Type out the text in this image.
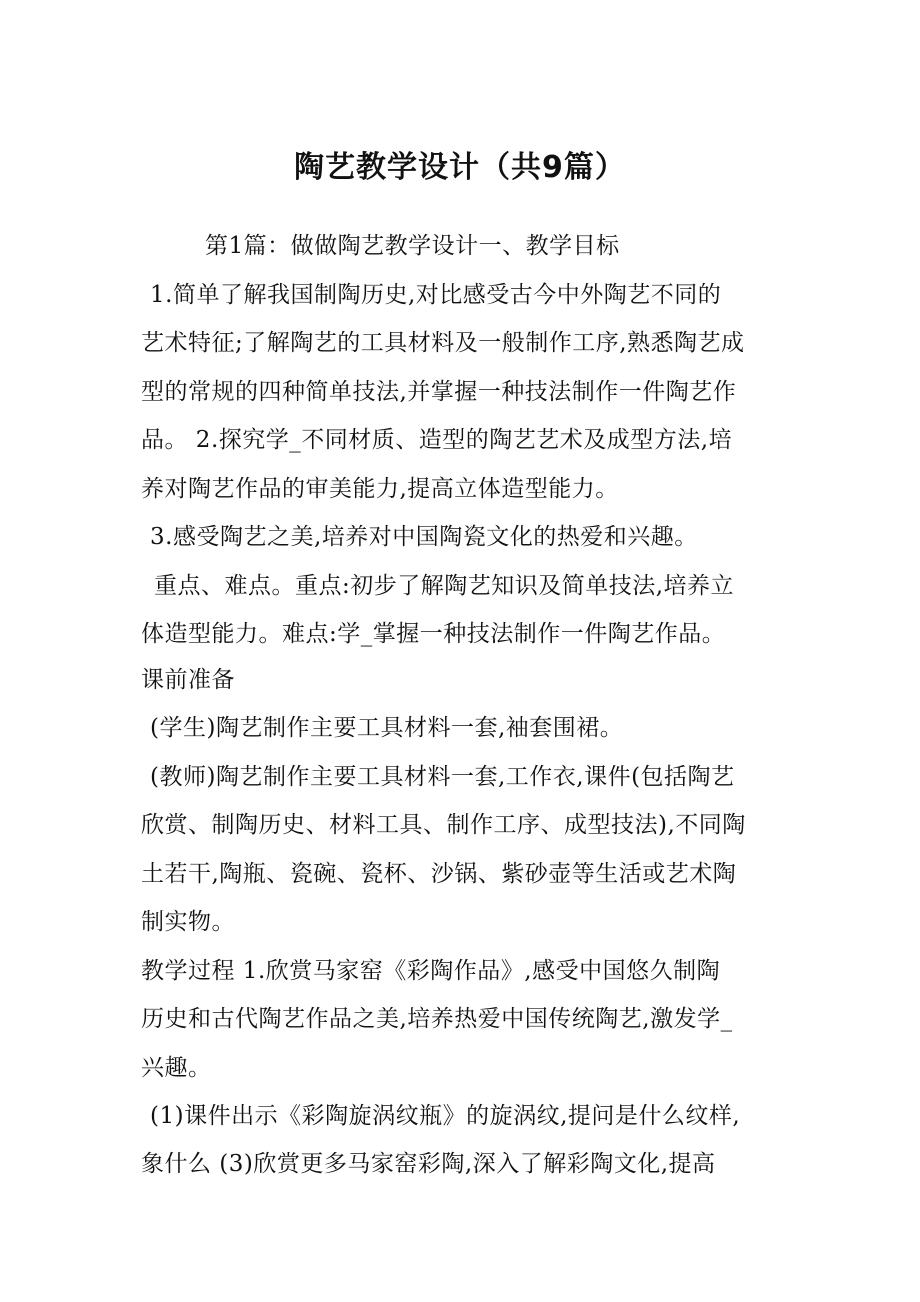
陶艺教学设计（共9篇）
第1篇：做做陶艺教学设计一、教学目标
1.简单了解我国制陶历史,对比感受古今中外陶艺不同的
艺术特征;了解陶艺的工具材料及一般制作工序,熟悉陶艺成
型的常规的四种简单技法,并掌握一种技法制作一件陶艺作
品。 2.探究学_不同材质、造型的陶艺艺术及成型方法,培
养对陶艺作品的审美能力,提高立体造型能力。
3.感受陶艺之美,培养对中国陶瓷文化的热爱和兴趣。
重点、难点。重点:初步了解陶艺知识及简单技法,培养立
体造型能力。难点:学_掌握一种技法制作一件陶艺作品。
课前准备
(学生)陶艺制作主要工具材料一套,袖套围裙。
(教师)陶艺制作主要工具材料一套,工作衣,课件(包括陶艺
欣赏、制陶历史、材料工具、制作工序、成型技法),不同陶
土若干,陶瓶、瓷碗、瓷杯、沙锅、紫砂壶等生活或艺术陶
制实物。
教学过程 1.欣赏马家窑《彩陶作品》,感受中国悠久制陶
历史和古代陶艺作品之美,培养热爱中国传统陶艺,激发学_
兴趣。
(1)课件出示《彩陶旋涡纹瓶》的旋涡纹,提问是什么纹样,
象什么 (3)欣赏更多马家窑彩陶,深入了解彩陶文化,提高
